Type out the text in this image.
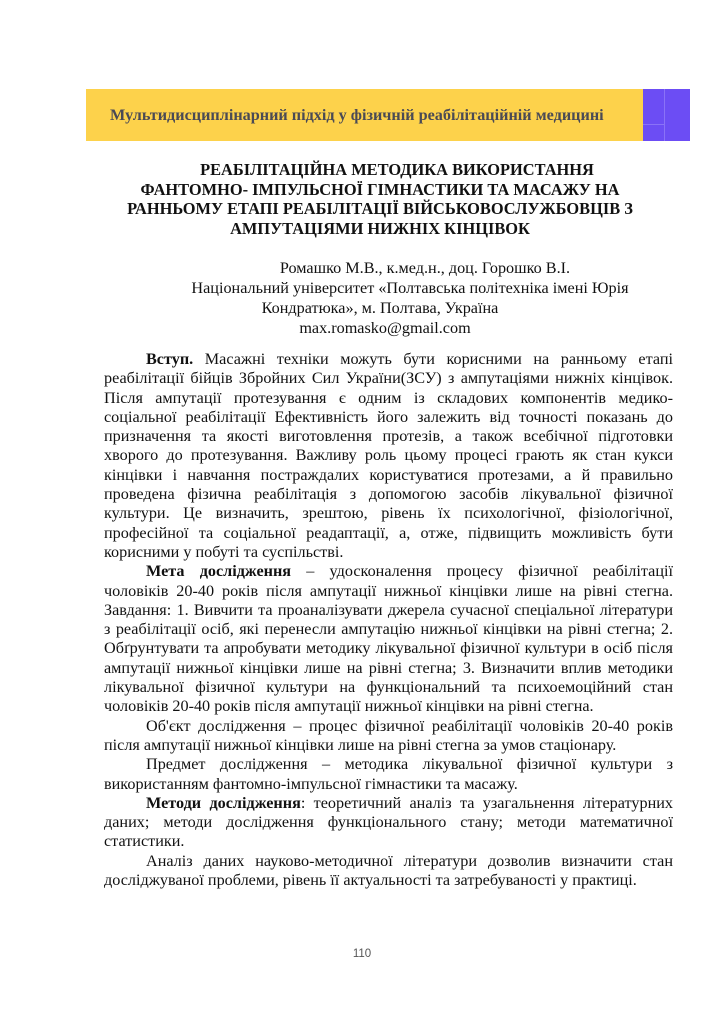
Мультидисциплінарний підхід у фізичній реабілітаційній медицині
РЕАБІЛІТАЦІЙНА МЕТОДИКА ВИКОРИСТАННЯ
ФАНТОМНО- ІМПУЛЬСНОЇ ГІМНАСТИКИ ТА МАСАЖУ НА
РАННЬОМУ ЕТАПІ РЕАБІЛІТАЦІЇ ВІЙСЬКОВОСЛУЖБОВЦІВ З
АМПУТАЦІЯМИ НИЖНІХ КІНЦІВОК
Ромашко М.В., к.мед.н., доц. Горошко В.І.
Національний університет «Полтавська політехніка імені Юрія
Кондратюка», м. Полтава, Україна
max.romasko@gmail.com

Вступ. Масажні техніки можуть бути корисними на ранньому етапі реабілітації бійців Збройних Сил України(ЗСУ) з ампутаціями нижніх кінцівок. Після ампутації протезування є одним із складових компонентів медико- соціальної реабілітації Ефективність його залежить від точності показань до призначення та якості виготовлення протезів, а також всебічної підготовки хворого до протезування. Важливу роль цьому процесі грають як стан кукси кінцівки і навчання постраждалих користуватися протезами, а й правильно проведена фізична реабілітація з допомогою засобів лікувальної фізичної культури. Це визначить, зрештою, рівень їх психологічної, фізіологічної, професійної та соціальної реадаптації, а, отже, підвищить можливість бути корисними у побуті та суспільстві.

Мета дослідження – удосконалення процесу фізичної реабілітації чоловіків 20-40 років після ампутації нижньої кінцівки лише на рівні стегна. Завдання: 1. Вивчити та проаналізувати джерела сучасної спеціальної літератури з реабілітації осіб, які перенесли ампутацію нижньої кінцівки на рівні стегна; 2. Обґрунтувати та апробувати методику лікувальної фізичної культури в осіб після ампутації нижньої кінцівки лише на рівні стегна; 3. Визначити вплив методики лікувальної фізичної культури на функціональний та психоемоційний стан чоловіків 20-40 років після ампутації нижньої кінцівки на рівні стегна.

Об'єкт дослідження – процес фізичної реабілітації чоловіків 20-40 років після ампутації нижньої кінцівки лише на рівні стегна за умов стаціонару.

Предмет дослідження – методика лікувальної фізичної культури з використанням фантомно-імпульсної гімнастики та масажу.

Методи дослідження: теоретичний аналіз та узагальнення літературних даних; методи дослідження функціонального стану; методи математичної статистики.

Аналіз даних науково-методичної літератури дозволив визначити стан досліджуваної проблеми, рівень її актуальності та затребуваності у практиці.

110
